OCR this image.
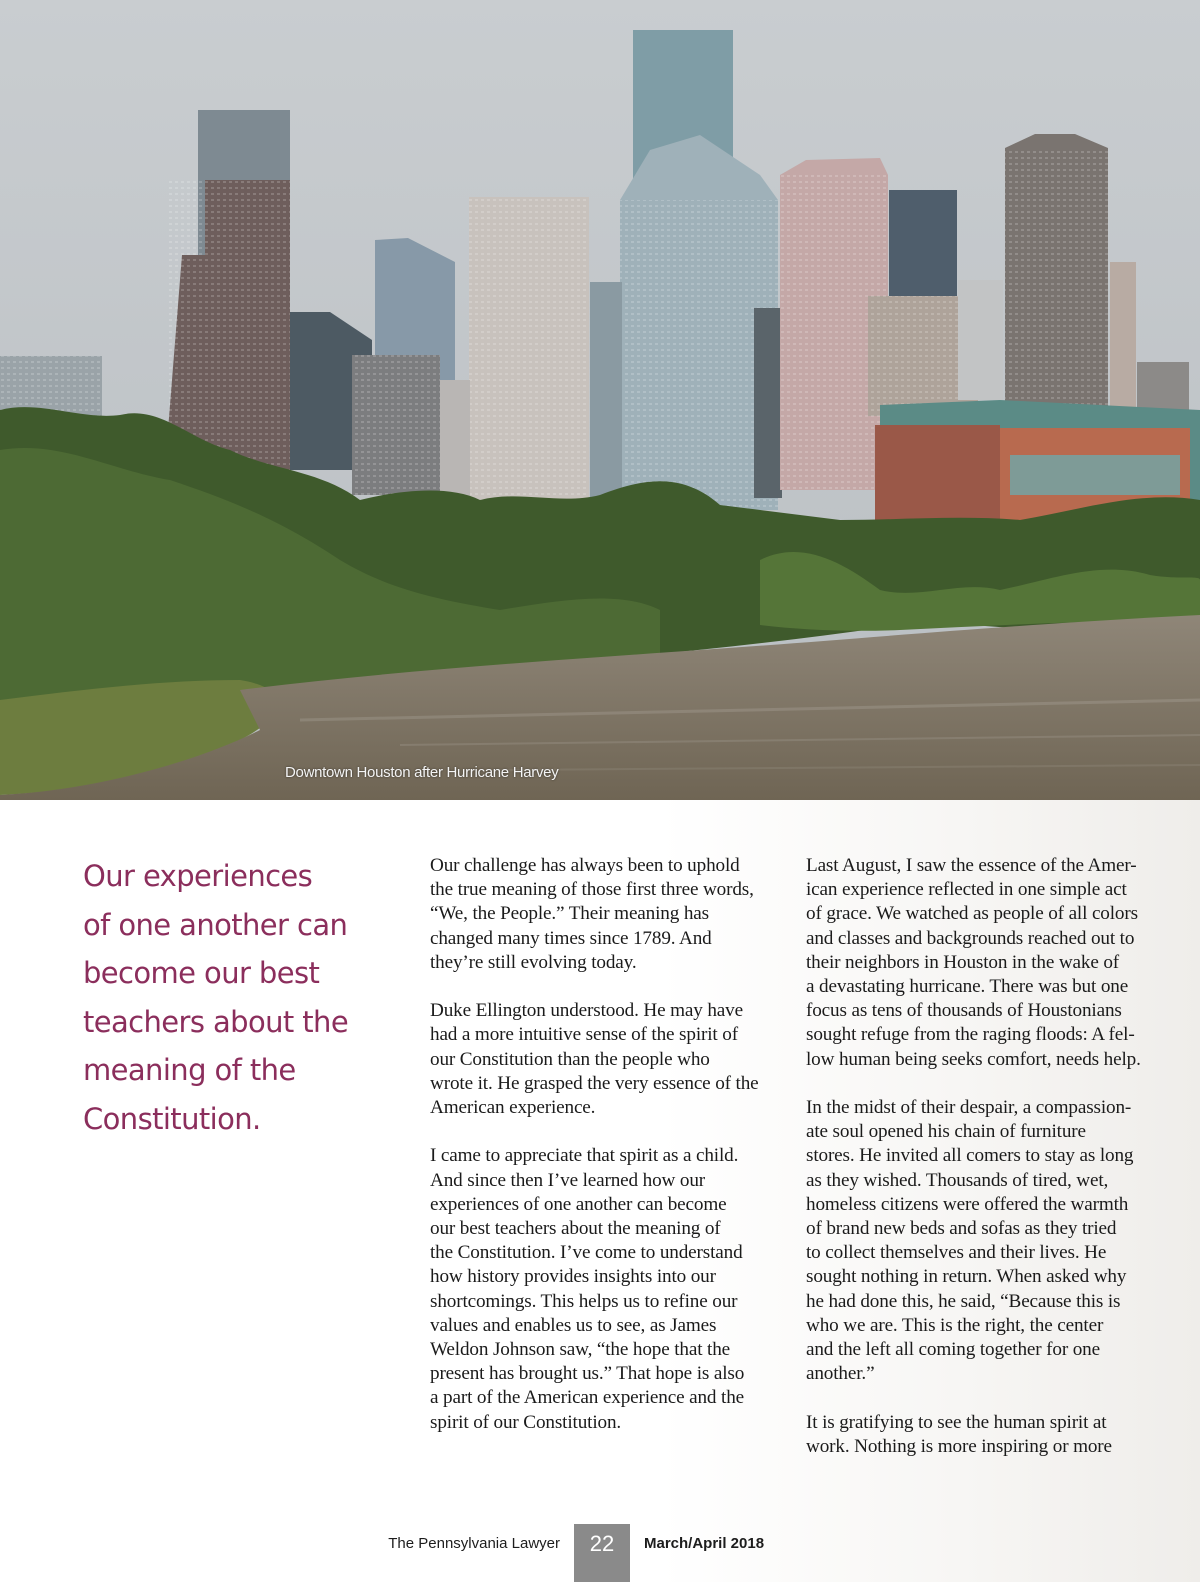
Downtown Houston after Hurricane Harvey
Our experiences
of one another can
become our best
teachers about the
meaning of the
Constitution.

Our challenge has always been to uphold
the true meaning of those first three words,
“We, the People.” Their meaning has
changed many times since 1789. And
they’re still evolving today.

Duke Ellington understood. He may have
had a more intuitive sense of the spirit of
our Constitution than the people who
wrote it. He grasped the very essence of the
American experience.

I came to appreciate that spirit as a child.
And since then I’ve learned how our
experiences of one another can become
our best teachers about the meaning of
the Constitution. I’ve come to understand
how history provides insights into our
shortcomings. This helps us to refine our
values and enables us to see, as James
Weldon Johnson saw, “the hope that the
present has brought us.” That hope is also
a part of the American experience and the
spirit of our Constitution.

Last August, I saw the essence of the Amer-
ican experience reflected in one simple act
of grace. We watched as people of all colors
and classes and backgrounds reached out to
their neighbors in Houston in the wake of
a devastating hurricane. There was but one
focus as tens of thousands of Houstonians
sought refuge from the raging floods: A fel-
low human being seeks comfort, needs help.

In the midst of their despair, a compassion-
ate soul opened his chain of furniture
stores. He invited all comers to stay as long
as they wished. Thousands of tired, wet,
homeless citizens were offered the warmth
of brand new beds and sofas as they tried
to collect themselves and their lives. He
sought nothing in return. When asked why
he had done this, he said, “Because this is
who we are. This is the right, the center
and the left all coming together for one
another.”

It is gratifying to see the human spirit at
work. Nothing is more inspiring or more

The Pennsylvania Lawyer	22	March/April 2018
